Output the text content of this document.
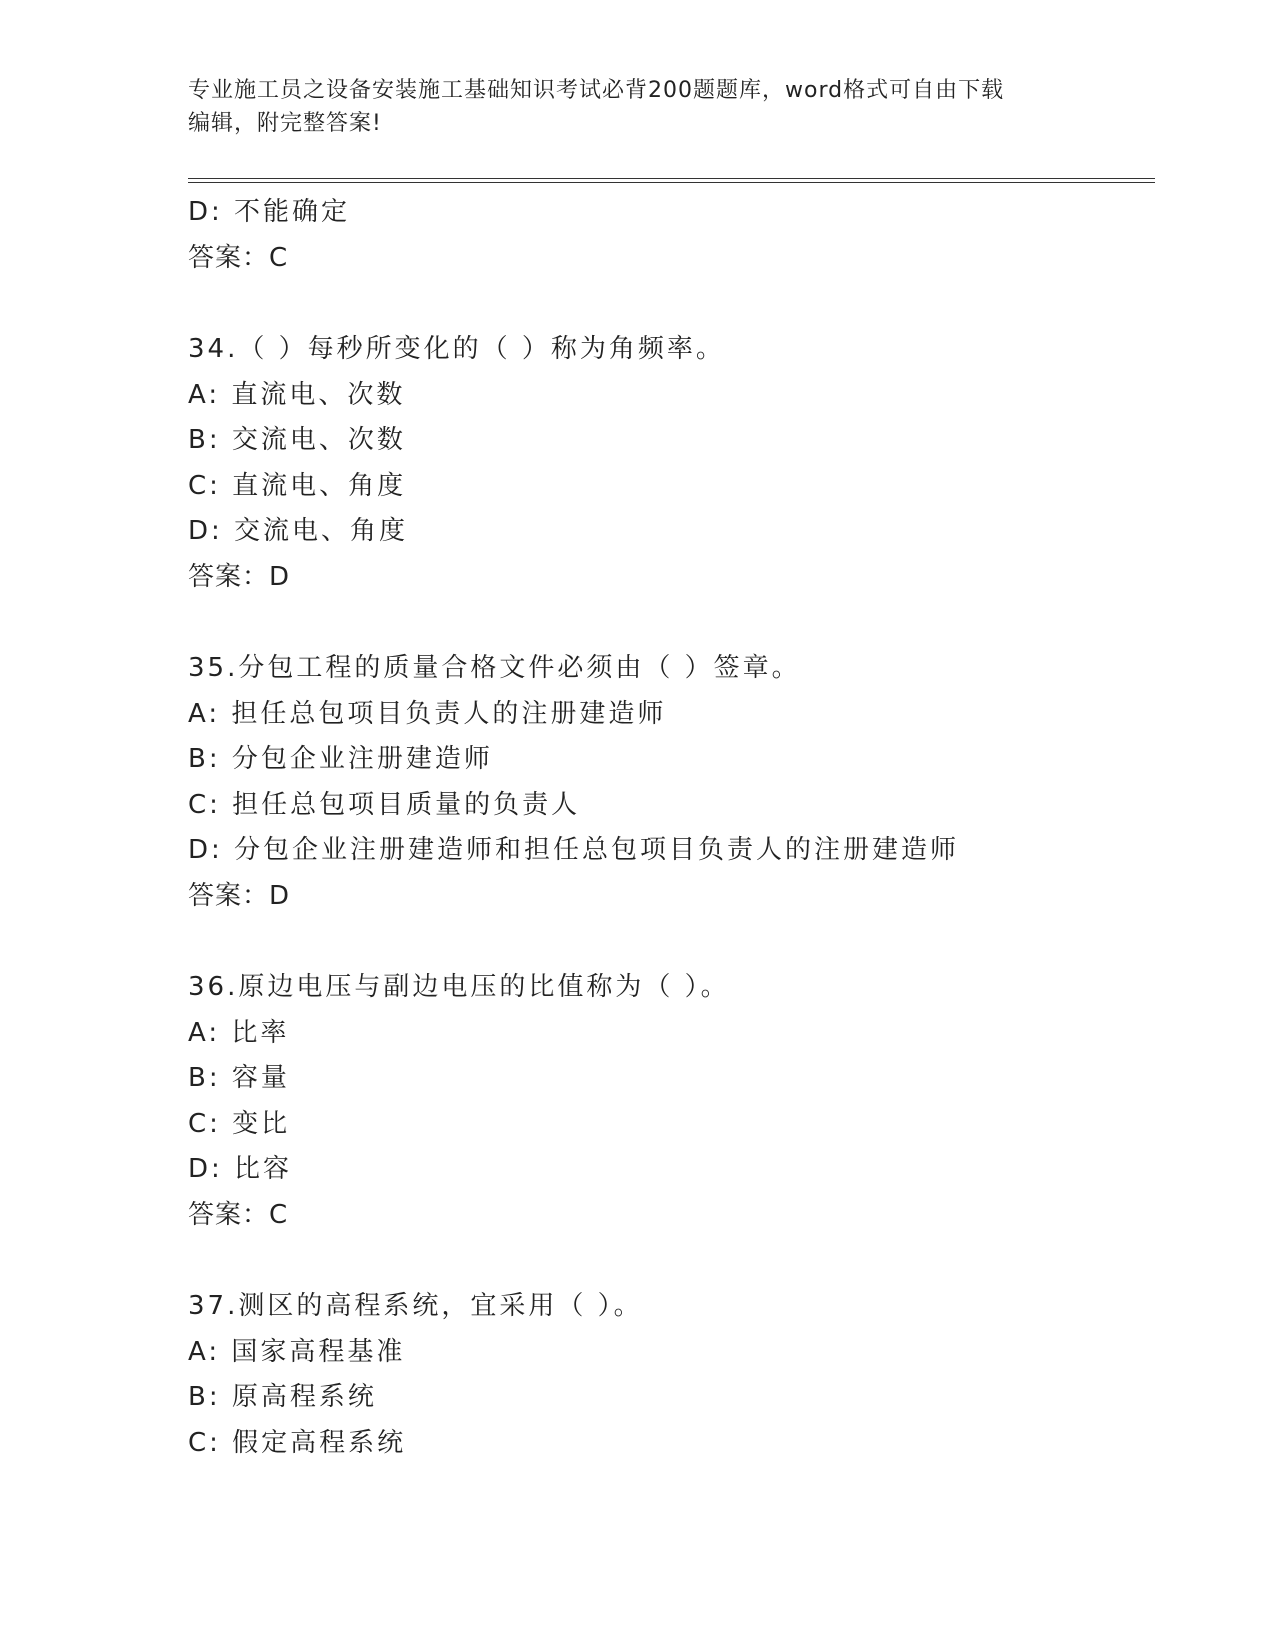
专业施工员之设备安装施工基础知识考试必背200题题库，word格式可自由下载
编辑，附完整答案!
D: 不能确定
答案：C
34.（ ）每秒所变化的（ ）称为角频率。
A: 直流电、次数
B: 交流电、次数
C: 直流电、角度
D: 交流电、角度
答案：D
35.分包工程的质量合格文件必须由（ ）签章。
A: 担任总包项目负责人的注册建造师
B: 分包企业注册建造师
C: 担任总包项目质量的负责人
D: 分包企业注册建造师和担任总包项目负责人的注册建造师
答案：D
36.原边电压与副边电压的比值称为（ ）。
A: 比率
B: 容量
C: 变比
D: 比容
答案：C
37.测区的高程系统，宜采用（ ）。
A: 国家高程基准
B: 原高程系统
C: 假定高程系统
